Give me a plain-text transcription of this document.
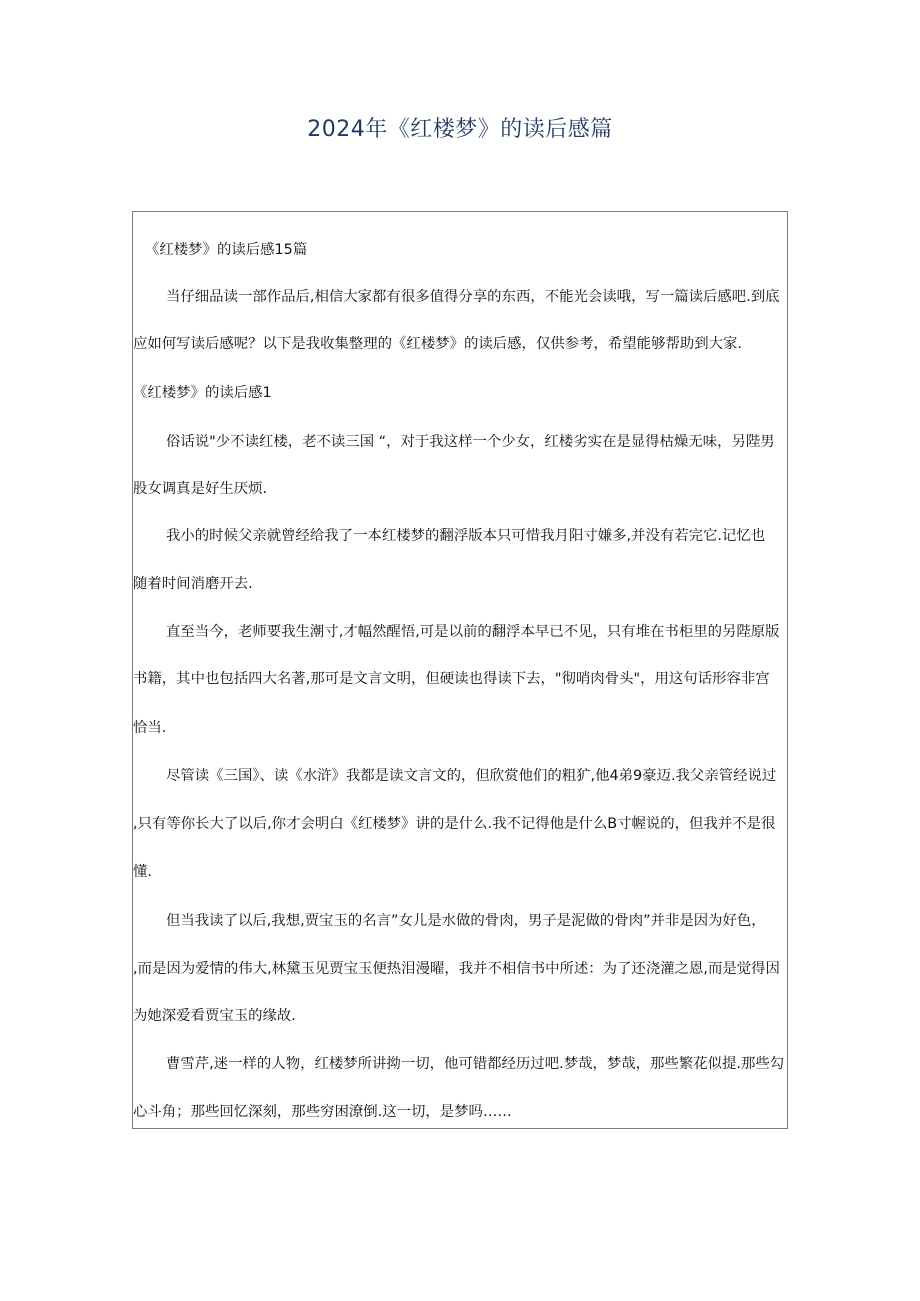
2024年《红楼梦》的读后感篇
《红楼梦》的读后感15篇
当仔细品读一部作品后,相信大家都有很多值得分享的东西，不能光会读哦，写一篇读后感吧.到底
应如何写读后感呢？以下是我收集整理的《红楼梦》的读后感，仅供参考，希望能够帮助到大家.
《红楼梦》的读后感1
俗话说"少不读红楼，老不读三国 “，对于我这样一个少女，红楼劣实在是显得枯燥无味，另陛男
股女调真是好生厌烦.
我小的时候父亲就曾经给我了一本红楼梦的翻浮版本只可惜我月阳寸嫌多,并没有若完它.记忆也
随着时间消磨开去.
直至当今，老师要我生潮寸,才幅然醒悟,可是以前的翻浮本早已不见，只有堆在书柜里的另陛原版
书籍，其中也包括四大名著,那可是文言文明，但硬读也得读下去，"彻哨肉骨头"，用这句话形容非宫
恰当.
尽管读《三国》、读《水浒》我都是读文言文的，但欣赏他们的粗犷,他4弟9豪迈.我父亲管经说过
,只有等你长大了以后,你才会明白《红楼梦》讲的是什么.我不记得他是什么B寸幄说的，但我并不是很
懂.
但当我读了以后,我想,贾宝玉的名言”女儿是水做的骨肉，男子是泥做的骨肉”并非是因为好色，
,而是因为爱情的伟大,林黛玉见贾宝玉便热泪漫曜，我并不相信书中所述：为了还浇灌之恩,而是觉得因
为她深爱看贾宝玉的缘故.
曹雪芹,迷一样的人物，红楼梦所讲拗一切，他可错都经历过吧.梦哉，梦哉，那些繁花似提.那些勾
心斗角；那些回忆深刻，那些穷困潦倒.这一切，是梦吗……
